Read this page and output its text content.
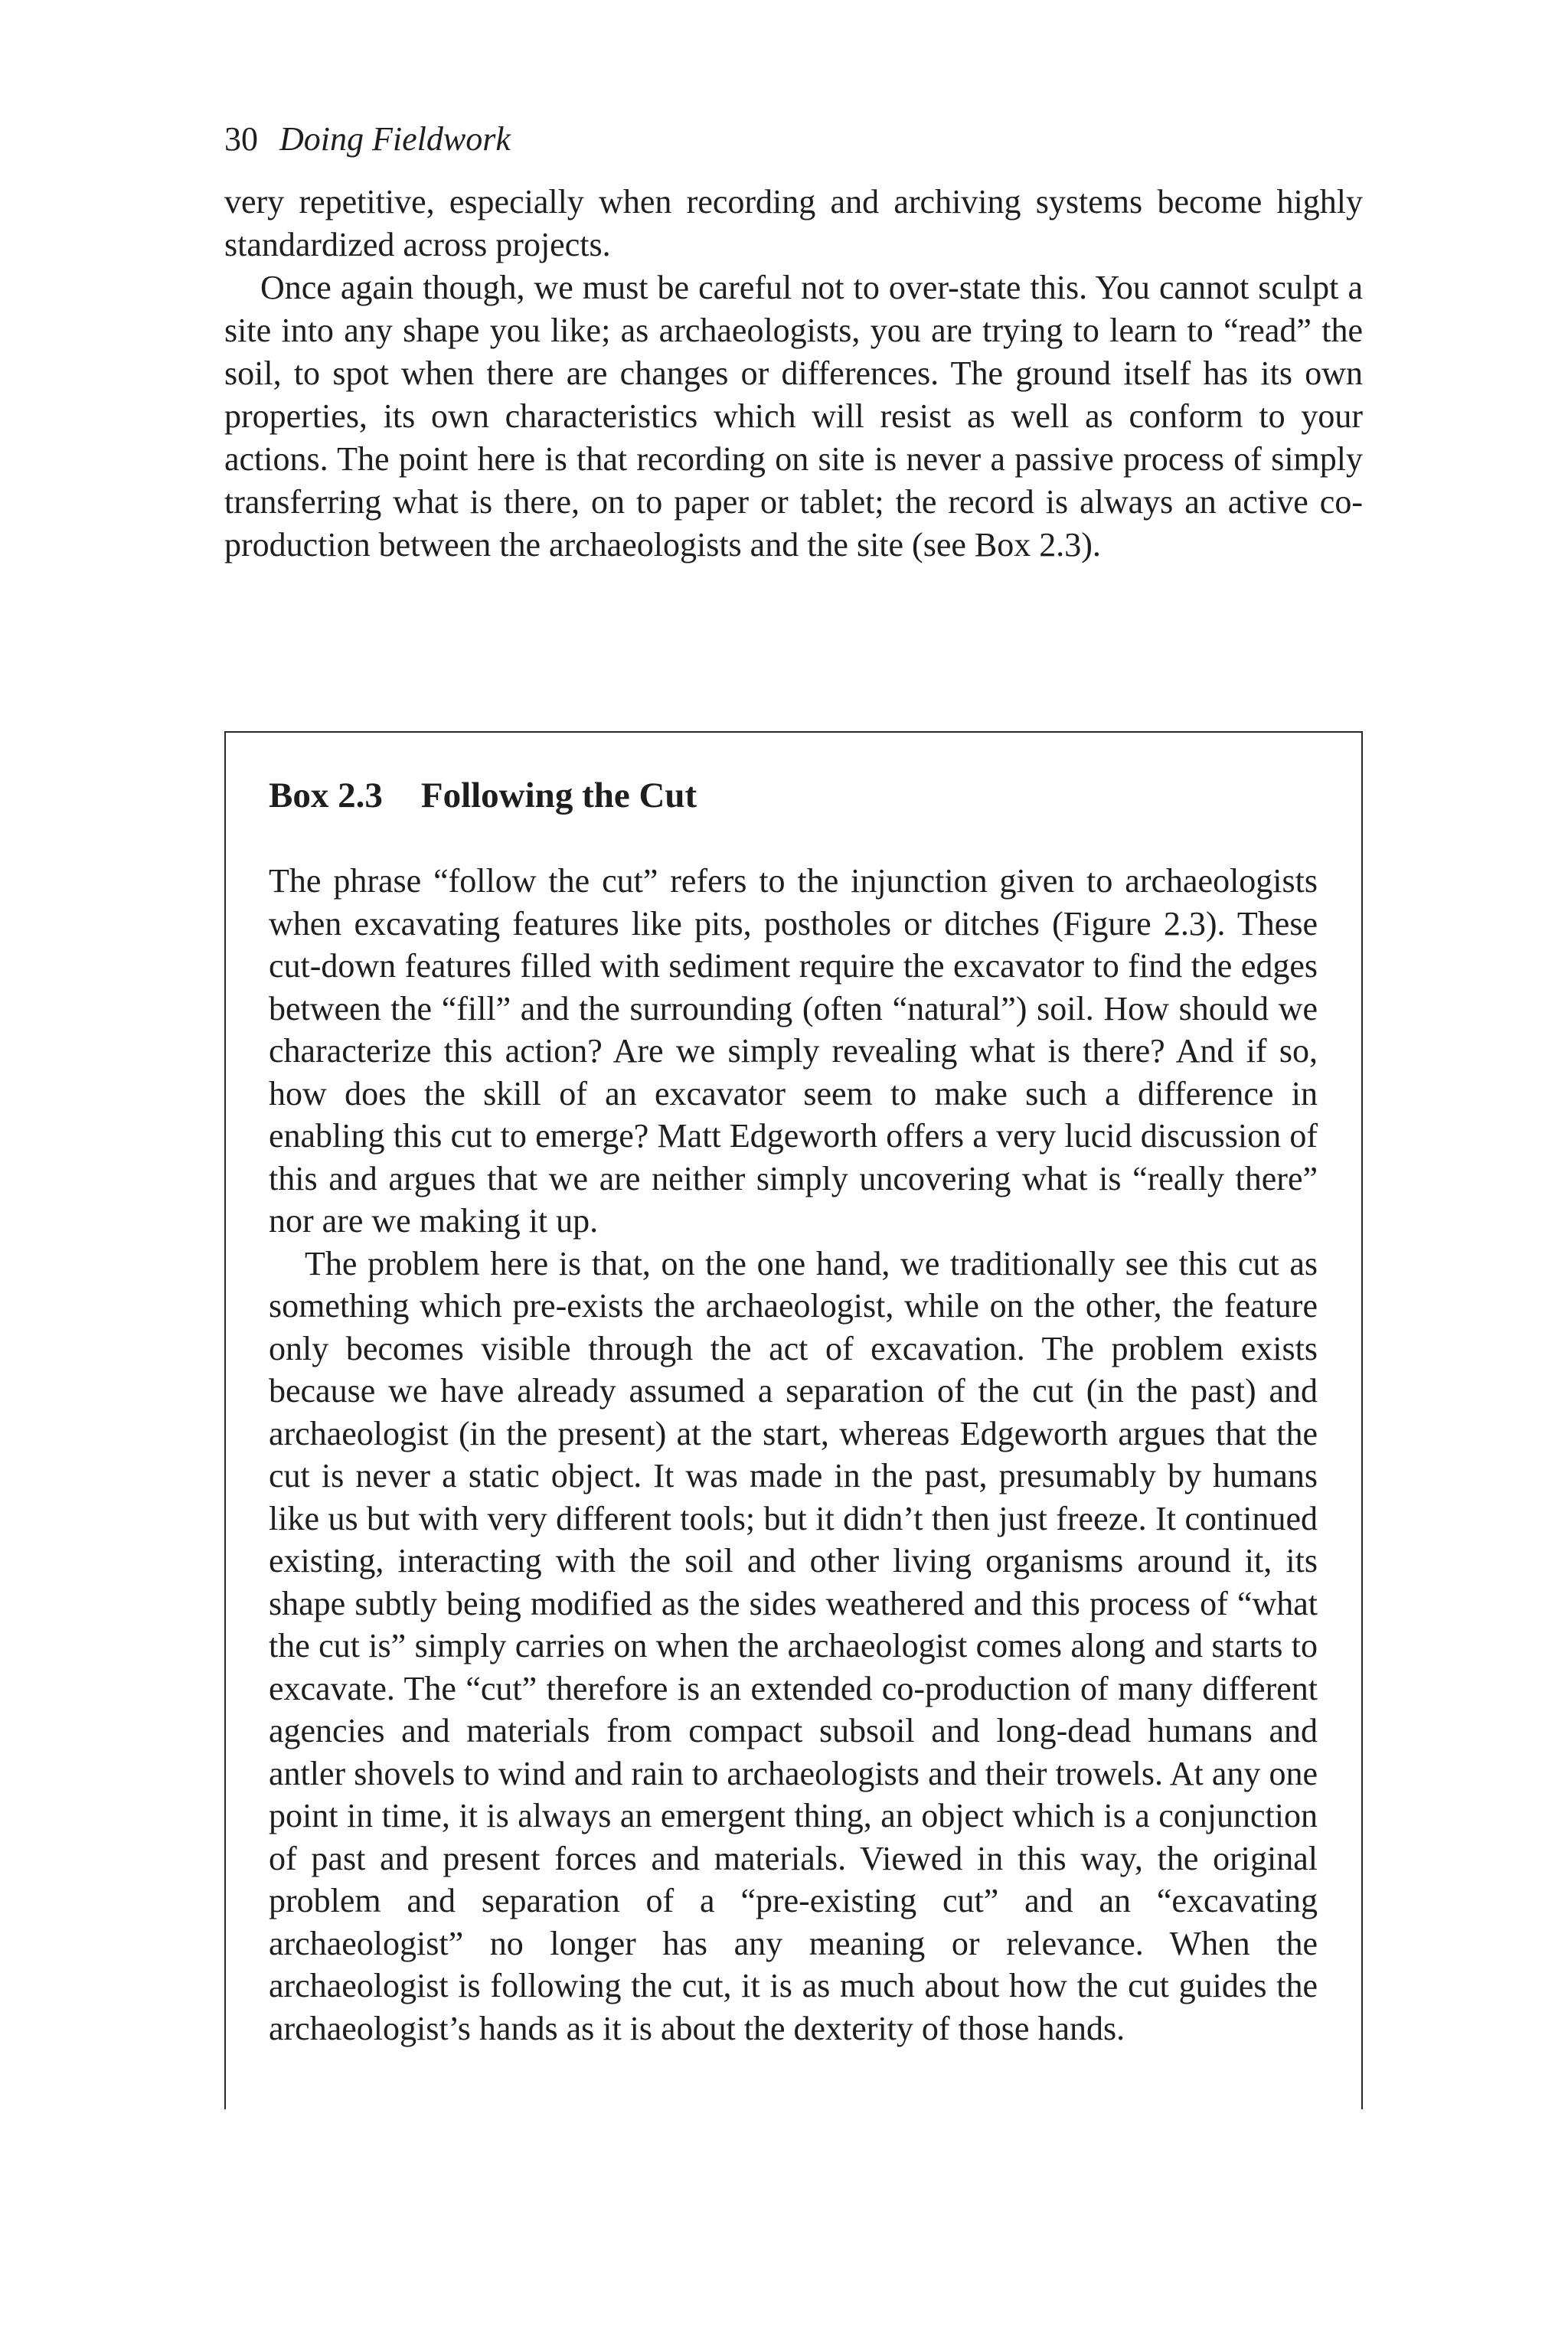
30 Doing Fieldwork

very repetitive, especially when recording and archiving systems become highly standardized across projects.

Once again though, we must be careful not to over-state this. You cannot sculpt a site into any shape you like; as archaeologists, you are trying to learn to “read” the soil, to spot when there are changes or differences. The ground itself has its own properties, its own characteristics which will resist as well as conform to your actions. The point here is that recording on site is never a passive process of simply transferring what is there, on to paper or tablet; the record is always an active co-production between the archaeologists and the site (see Box 2.3).

Box 2.3 Following the Cut

The phrase “follow the cut” refers to the injunction given to archaeologists when excavating features like pits, postholes or ditches (Figure 2.3). These cut-down features filled with sediment require the excavator to find the edges between the “fill” and the surrounding (often “natural”) soil. How should we characterize this action? Are we simply revealing what is there? And if so, how does the skill of an excavator seem to make such a difference in enabling this cut to emerge? Matt Edgeworth offers a very lucid discussion of this and argues that we are neither simply uncovering what is “really there” nor are we making it up.

The problem here is that, on the one hand, we traditionally see this cut as something which pre-exists the archaeologist, while on the other, the feature only becomes visible through the act of excavation. The problem exists because we have already assumed a separation of the cut (in the past) and archaeologist (in the present) at the start, whereas Edgeworth argues that the cut is never a static object. It was made in the past, presumably by humans like us but with very different tools; but it didn’t then just freeze. It continued existing, interacting with the soil and other living organisms around it, its shape subtly being modified as the sides weathered and this process of “what the cut is” simply carries on when the archaeologist comes along and starts to excavate. The “cut” therefore is an extended co-production of many different agencies and materials from compact subsoil and long-dead humans and antler shovels to wind and rain to archaeologists and their trowels. At any one point in time, it is always an emergent thing, an object which is a conjunction of past and present forces and materials. Viewed in this way, the original problem and separation of a “pre-existing cut” and an “excavating archaeologist” no longer has any meaning or relevance. When the archaeologist is following the cut, it is as much about how the cut guides the archaeologist’s hands as it is about the dexterity of those hands.
